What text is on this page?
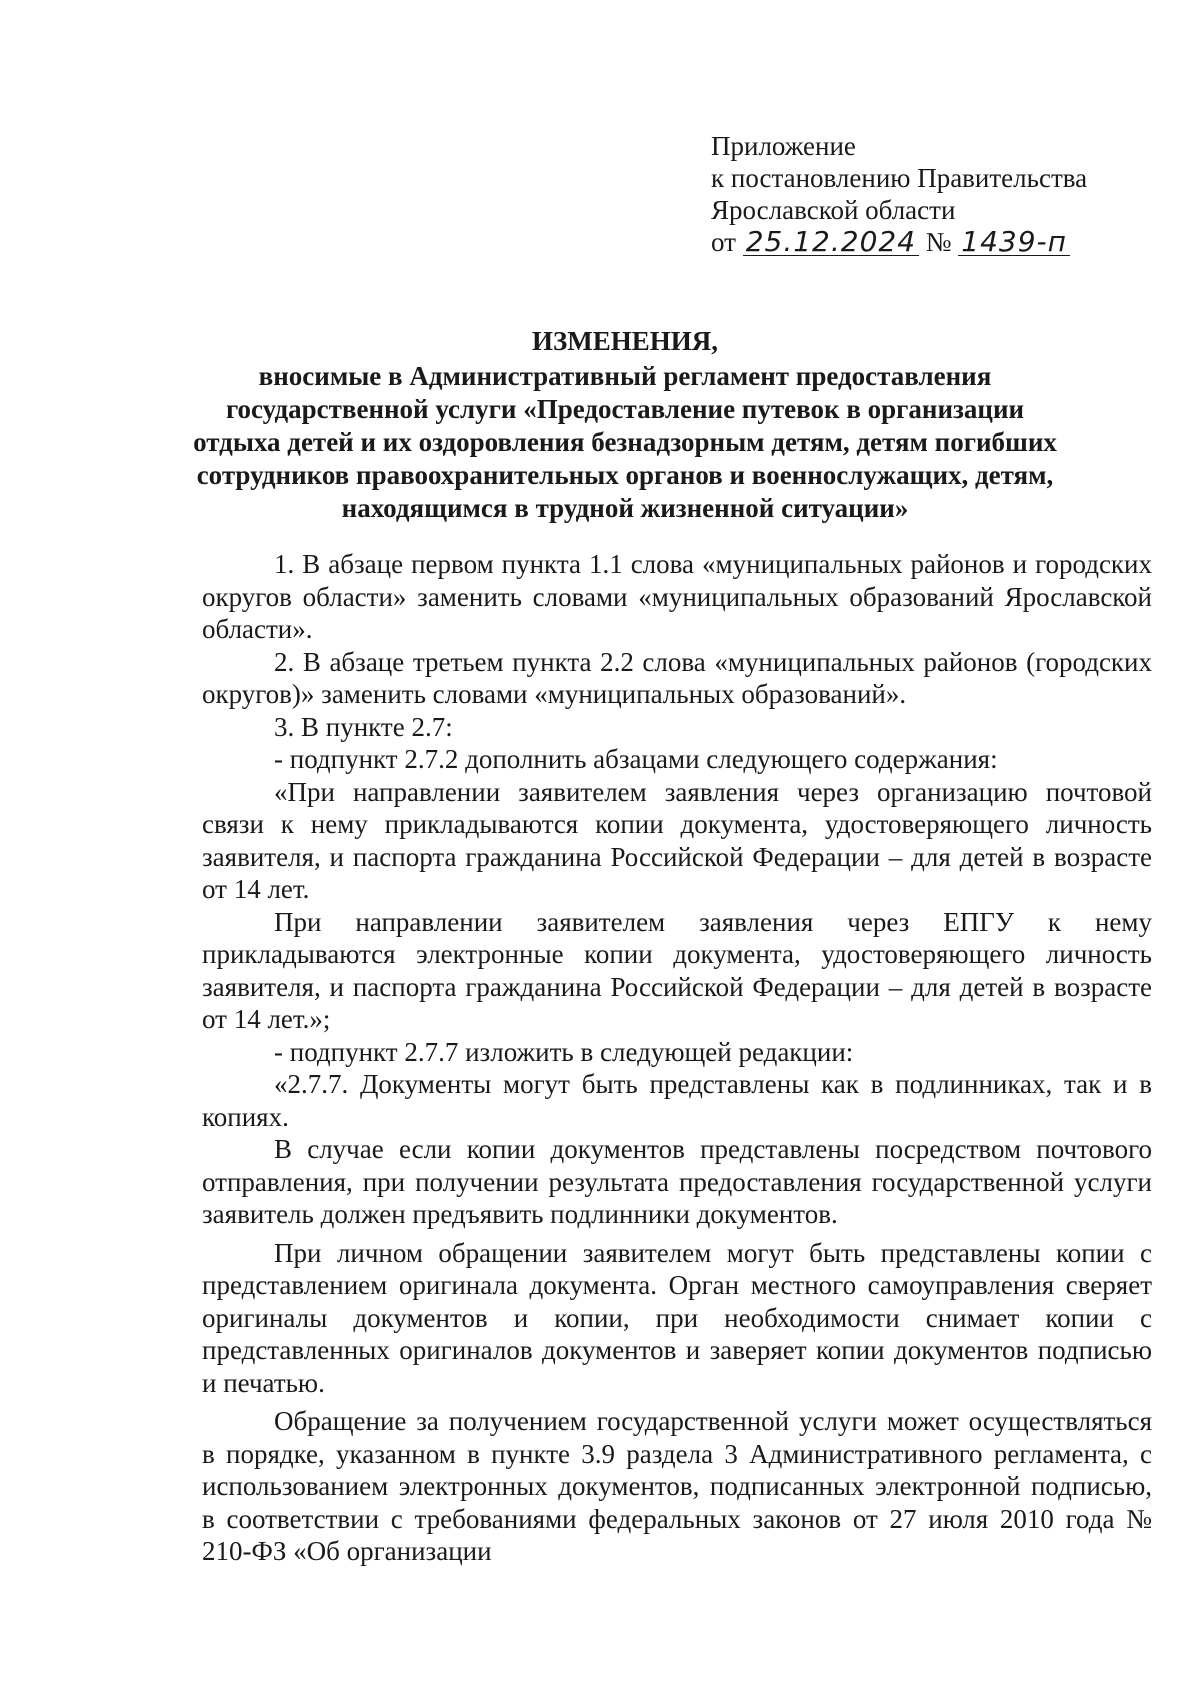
Приложение
к постановлению Правительства
Ярославской области
от 25.12.2024 № 1439-п
ИЗМЕНЕНИЯ,
вносимые в Административный регламент предоставления государственной услуги «Предоставление путевок в организации отдыха детей и их оздоровления безнадзорным детям, детям погибших сотрудников правоохранительных органов и военнослужащих, детям, находящимся в трудной жизненной ситуации»

1. В абзаце первом пункта 1.1 слова «муниципальных районов и городских округов области» заменить словами «муниципальных образований Ярославской области».

2. В абзаце третьем пункта 2.2 слова «муниципальных районов (городских округов)» заменить словами «муниципальных образований».

3. В пункте 2.7:

- подпункт 2.7.2 дополнить абзацами следующего содержания:

«При направлении заявителем заявления через организацию почтовой связи к нему прикладываются копии документа, удостоверяющего личность заявителя, и паспорта гражданина Российской Федерации – для детей в возрасте от 14 лет.

При направлении заявителем заявления через ЕПГУ к нему прикладываются электронные копии документа, удостоверяющего личность заявителя, и паспорта гражданина Российской Федерации – для детей в возрасте от 14 лет.»;

- подпункт 2.7.7 изложить в следующей редакции:

«2.7.7. Документы могут быть представлены как в подлинниках, так и в копиях.

В случае если копии документов представлены посредством почтового отправления, при получении результата предоставления государственной услуги заявитель должен предъявить подлинники документов.

При личном обращении заявителем могут быть представлены копии с представлением оригинала документа. Орган местного самоуправления сверяет оригиналы документов и копии, при необходимости снимает копии с представленных оригиналов документов и заверяет копии документов подписью и печатью.

Обращение за получением государственной услуги может осуществляться в порядке, указанном в пункте 3.9 раздела 3 Административного регламента, с использованием электронных документов, подписанных электронной подписью, в соответствии с требованиями федеральных законов от 27 июля 2010 года № 210-ФЗ «Об организации
